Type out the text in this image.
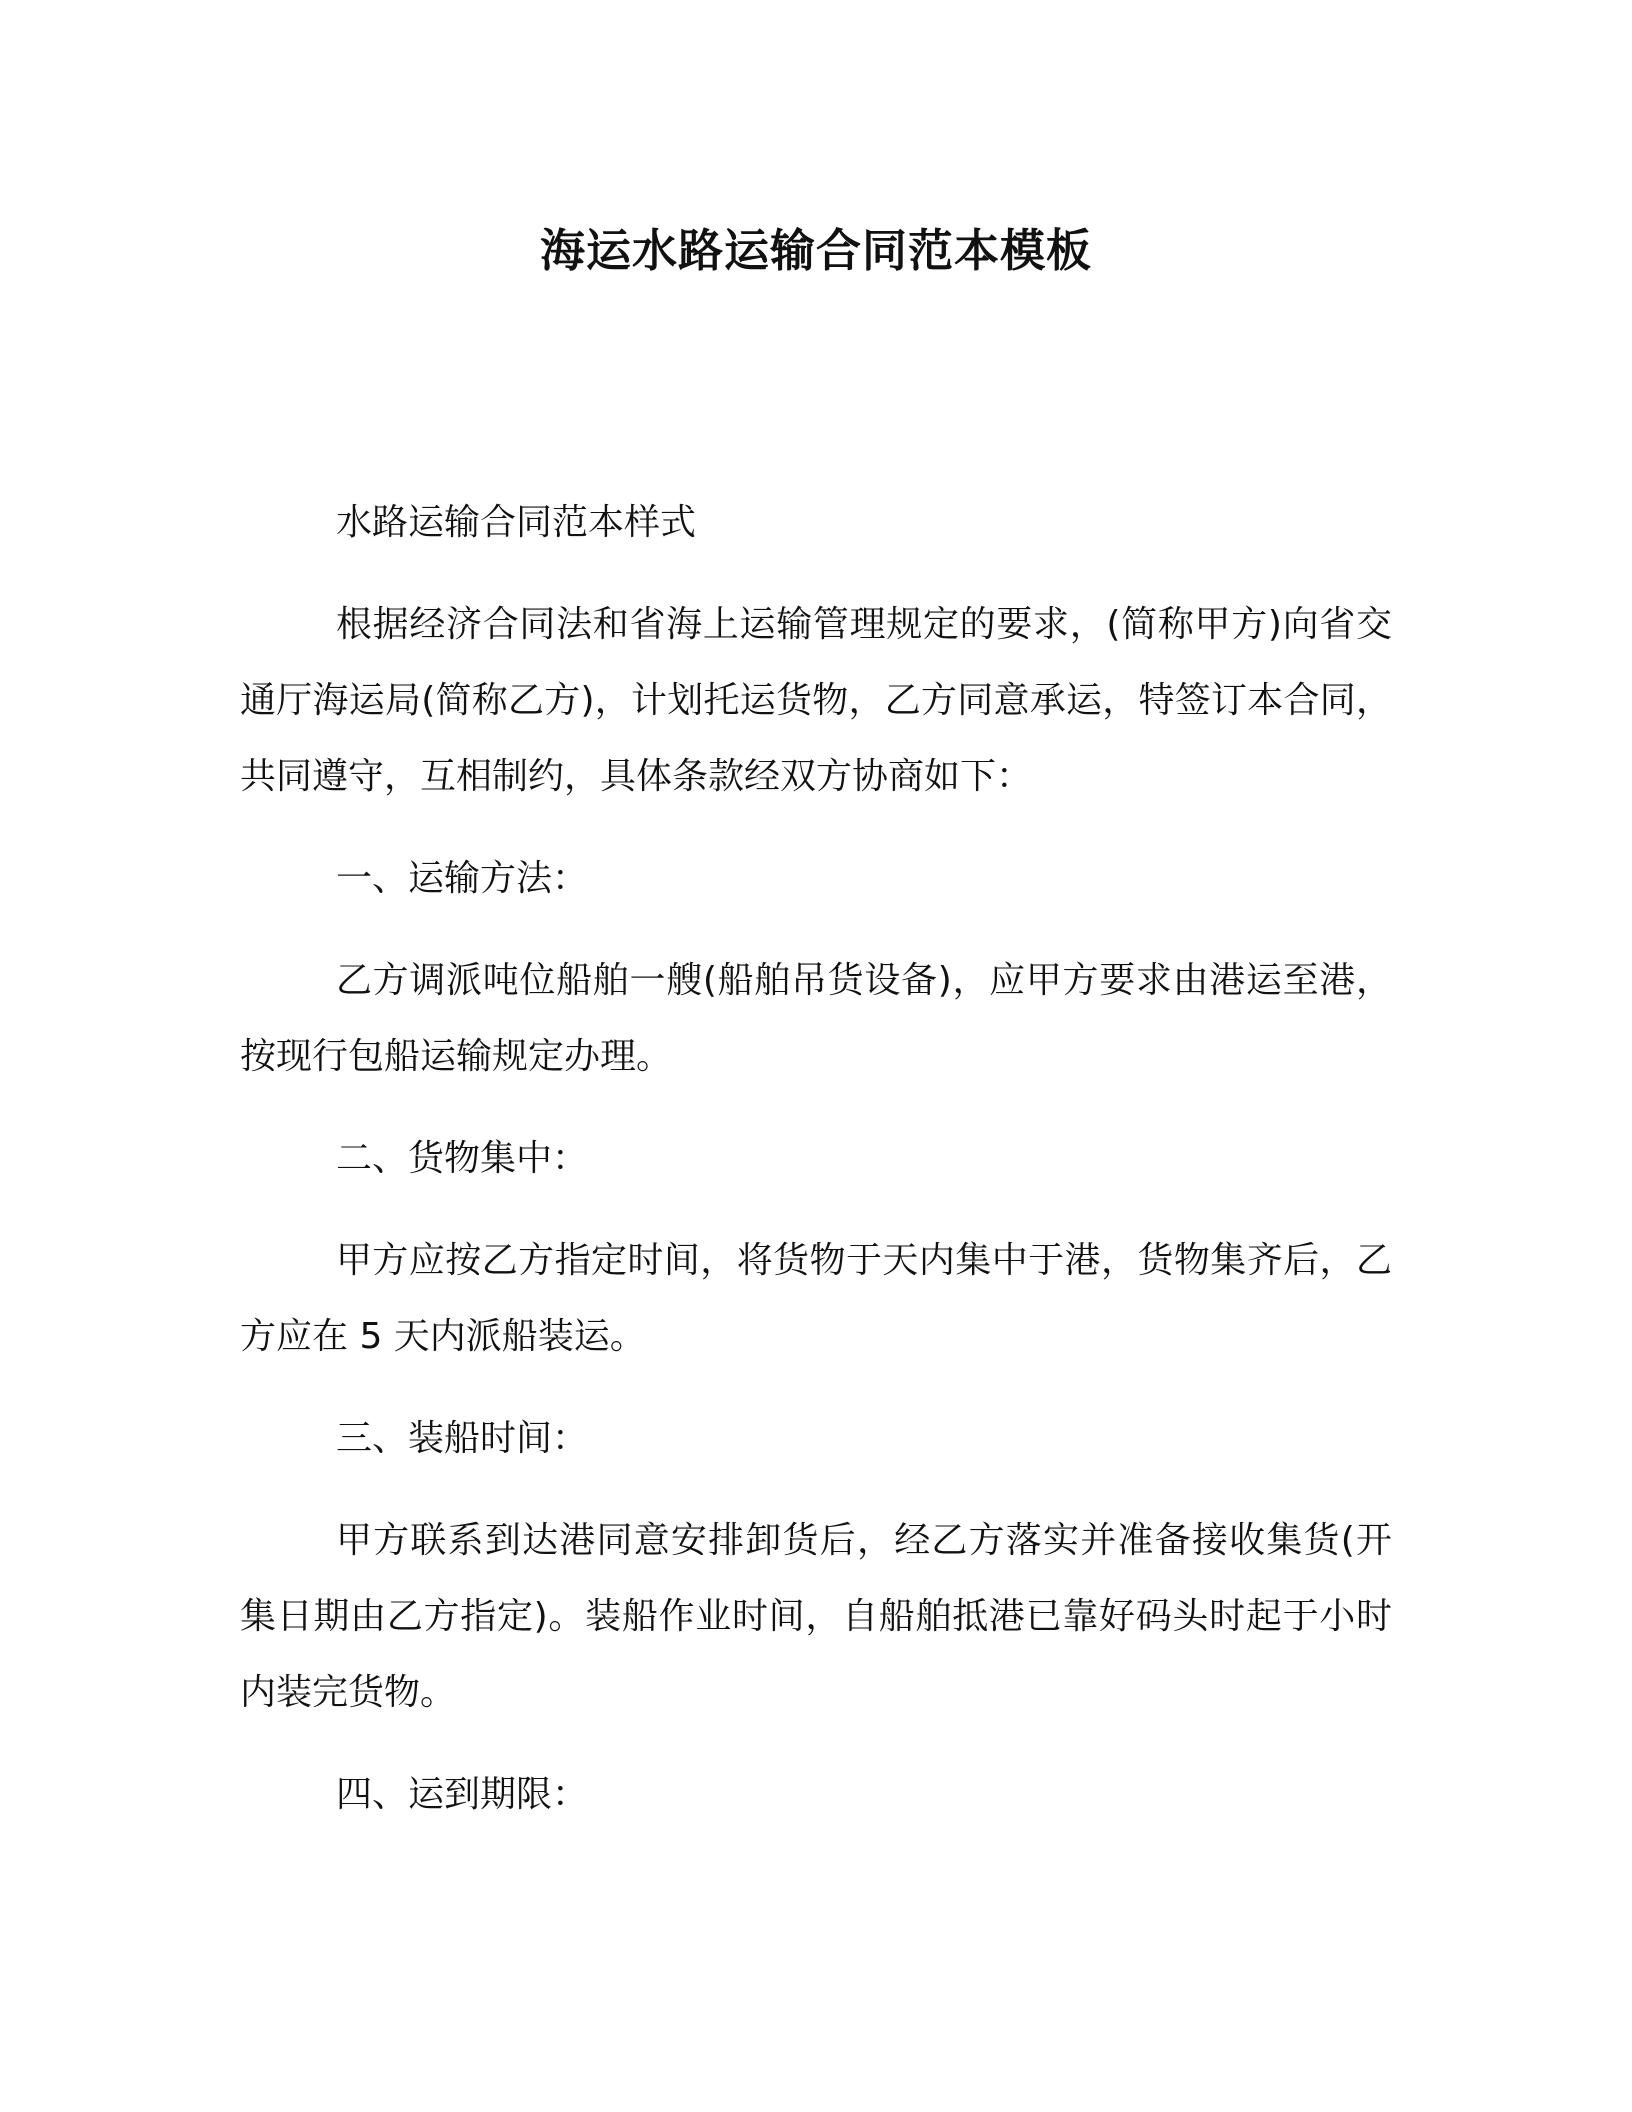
海运水路运输合同范本模板

水路运输合同范本样式

根据经济合同法和省海上运输管理规定的要求，(简称甲方)向省交通厅海运局(简称乙方)，计划托运货物，乙方同意承运，特签订本合同，共同遵守，互相制约，具体条款经双方协商如下：

一、运输方法：

乙方调派吨位船舶一艘(船舶吊货设备)，应甲方要求由港运至港，按现行包船运输规定办理。

二、货物集中：

甲方应按乙方指定时间，将货物于天内集中于港，货物集齐后，乙方应在 5 天内派船装运。

三、装船时间：

甲方联系到达港同意安排卸货后，经乙方落实并准备接收集货(开集日期由乙方指定)。装船作业时间，自船舶抵港已靠好码头时起于小时内装完货物。

四、运到期限：
